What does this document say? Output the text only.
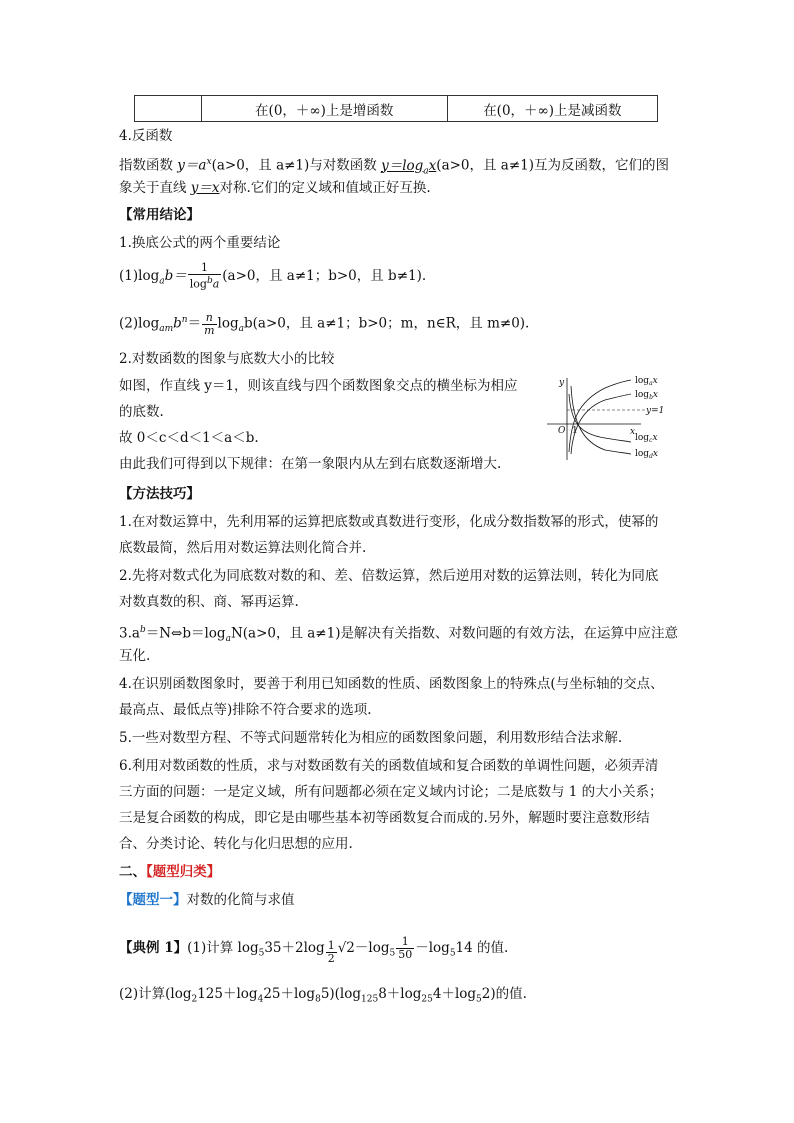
	在(0，＋∞)上是增函数	在(0，＋∞)上是减函数
4.反函数
指数函数 $y=a^x(a>0$，且 a≠1)与对数函数 $y=\log_ax(a>0$，且 a≠1)互为反函数，它们的图
象关于直线 y＝x对称.它们的定义域和值域正好互换.
【常用结论】
1.换底公式的两个重要结论
$(1)\log_ab= \frac{1}{\log^ba} (a>0$，且 a≠1；b>0，且 b≠1).
$(2)\log_{am}b^n= \frac{n}{m} \log_ab(a>0$，且 a≠1；b>0；m，n∈R，且 m≠0).
2.对数函数的图象与底数大小的比较
如图，作直线 y＝1，则该直线与四个函数图象交点的横坐标为相应
的底数.
故 0＜c＜d＜1＜a＜b.
由此我们可得到以下规律：在第一象限内从左到右底数逐渐增大.
y
x
O 1
y=1
$\log_ax$
$\log_bx$
$\log_cx$
$\log_dx$
【方法技巧】
1.在对数运算中，先利用幂的运算把底数或真数进行变形，化成分数指数幂的形式，使幂的
底数最简，然后用对数运算法则化简合并.
2.先将对数式化为同底数对数的和、差、倍数运算，然后逆用对数的运算法则，转化为同底
对数真数的积、商、幂再运算.
$3.a^b=N\Leftrightarrow b=\log_aN(a>0$，且 a≠1)是解决有关指数、对数问题的有效方法，在运算中应注意
互化.
4.在识别函数图象时，要善于利用已知函数的性质、函数图象上的特殊点(与坐标轴的交点、
最高点、最低点等)排除不符合要求的选项.
5.一些对数型方程、不等式问题常转化为相应的函数图象问题，利用数形结合法求解.
6.利用对数函数的性质，求与对数函数有关的函数值域和复合函数的单调性问题，必须弄清
三方面的问题：一是定义域，所有问题都必须在定义域内讨论；二是底数与 1 的大小关系；
三是复合函数的构成，即它是由哪些基本初等函数复合而成的.另外，解题时要注意数形结
合、分类讨论、转化与化归思想的应用.
二、【题型归类】
【题型一】对数的化简与求值
【典例 1】(1)计算 $\log_535+2\log \frac{1}{2} √2-\log_5 \frac{1}{50} -\log_514$ 的值.
(2)计算$(\log_2125+\log_425+\log_85)(\log_{125}8+\log_{25}4+\log_52)$的值.
